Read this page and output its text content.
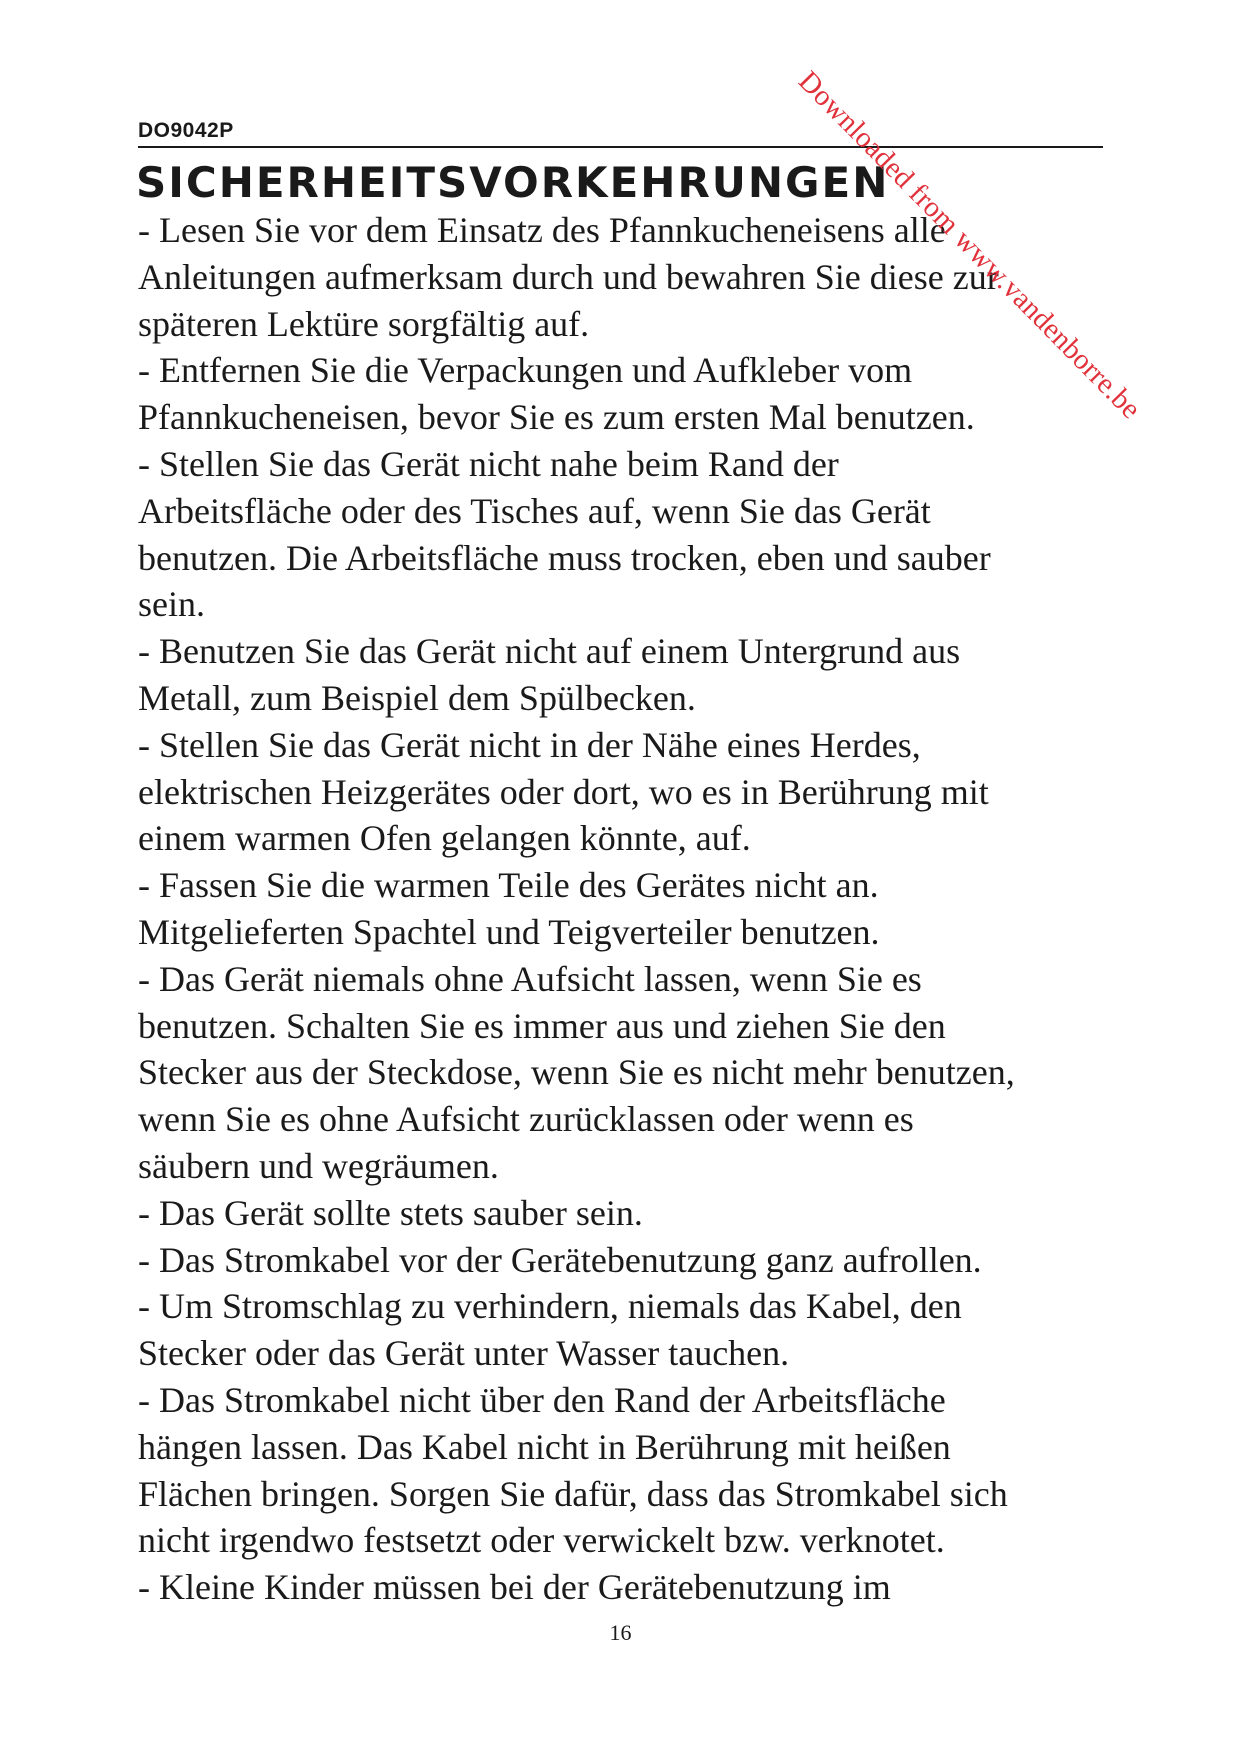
DO9042P
SICHERHEITSVORKEHRUNGEN
- Lesen Sie vor dem Einsatz des Pfannkucheneisens alle
Anleitungen aufmerksam durch und bewahren Sie diese zur
späteren Lektüre sorgfältig auf.
- Entfernen Sie die Verpackungen und Aufkleber vom
Pfannkucheneisen, bevor Sie es zum ersten Mal benutzen.
- Stellen Sie das Gerät nicht nahe beim Rand der
Arbeitsfläche oder des Tisches auf, wenn Sie das Gerät
benutzen. Die Arbeitsfläche muss trocken, eben und sauber
sein.
- Benutzen Sie das Gerät nicht auf einem Untergrund aus
Metall, zum Beispiel dem Spülbecken.
- Stellen Sie das Gerät nicht in der Nähe eines Herdes,
elektrischen Heizgerätes oder dort, wo es in Berührung mit
einem warmen Ofen gelangen könnte, auf.
- Fassen Sie die warmen Teile des Gerätes nicht an.
Mitgelieferten Spachtel und Teigverteiler benutzen.
- Das Gerät niemals ohne Aufsicht lassen, wenn Sie es
benutzen. Schalten Sie es immer aus und ziehen Sie den
Stecker aus der Steckdose, wenn Sie es nicht mehr benutzen,
wenn Sie es ohne Aufsicht zurücklassen oder wenn es
säubern und wegräumen.
- Das Gerät sollte stets sauber sein.
- Das Stromkabel vor der Gerätebenutzung ganz aufrollen.
- Um Stromschlag zu verhindern, niemals das Kabel, den
Stecker oder das Gerät unter Wasser tauchen.
- Das Stromkabel nicht über den Rand der Arbeitsfläche
hängen lassen. Das Kabel nicht in Berührung mit heißen
Flächen bringen. Sorgen Sie dafür, dass das Stromkabel sich
nicht irgendwo festsetzt oder verwickelt bzw. verknotet.
- Kleine Kinder müssen bei der Gerätebenutzung im
16
Downloaded from www.vandenborre.be
